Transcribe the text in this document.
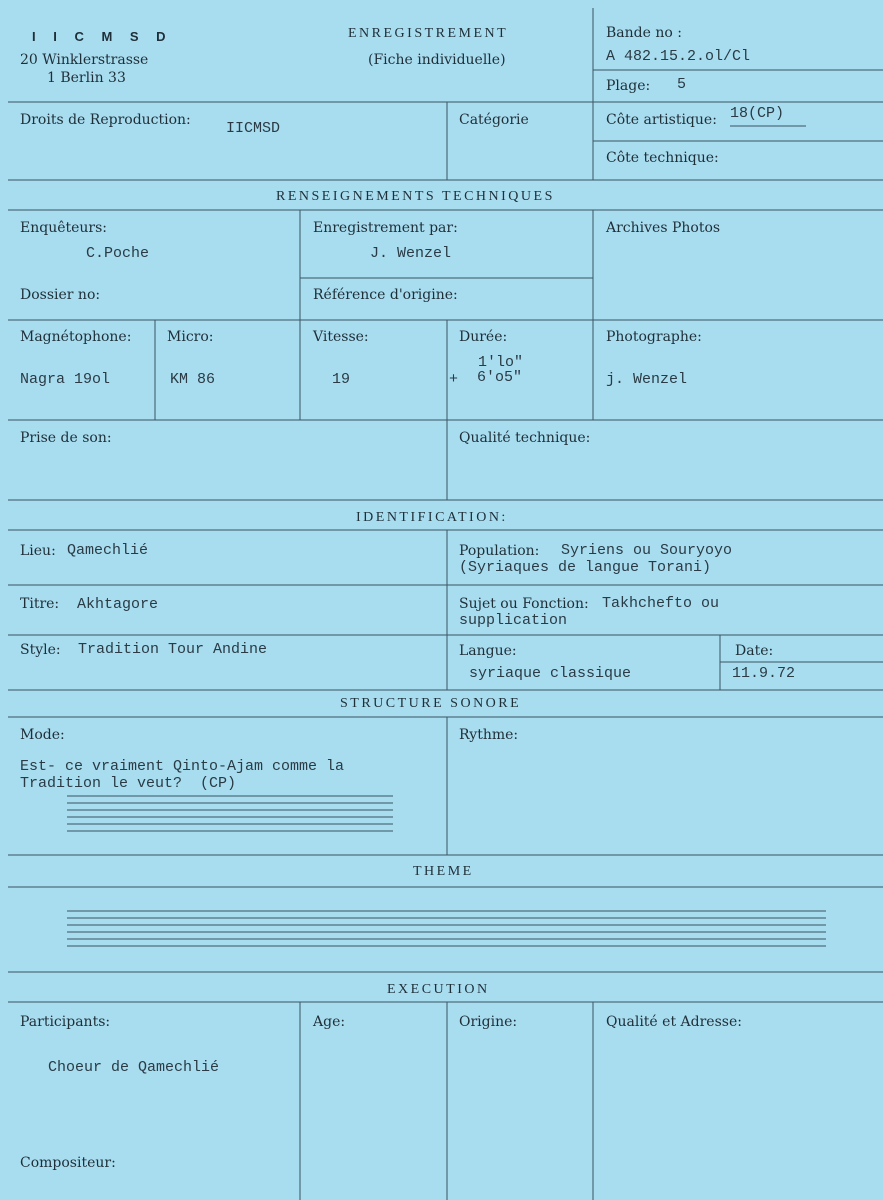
I I C M S D
20 Winklerstrasse
1 Berlin 33
ENREGISTREMENT
(Fiche individuelle)
Bande no :
A 482.15.2.ol/Cl
Plage: 5
Droits de Reproduction: IICMSD	Catégorie	Côte artistique: 18(CP)
Côte technique:
RENSEIGNEMENTS TECHNIQUES
Enquêteurs:
C.Poche
Enregistrement par:
J. Wenzel
Archives Photos
Dossier no:	Référence d'origine:
Magnétophone:
Nagra 19ol
Micro:
KM 86
Vitesse:
19
Durée:
1'lo"
+ 6'o5"
Photographe:
j. Wenzel
Prise de son:	Qualité technique:
IDENTIFICATION:
Lieu: Qamechlié	Population: Syriens ou Souryoyo
(Syriaques de langue Torani)
Titre: Akhtagore	Sujet ou Fonction: Takhchefto ou
supplication
Style: Tradition Tour Andine	Langue:
syriaque classique
Date:
11.9.72
STRUCTURE SONORE
Mode:
Est- ce vraiment Qinto-Ajam comme la
Tradition le veut?  (CP)
Rythme:
THEME
EXECUTION
Participants:
Choeur de Qamechlié
Age:	Origine:	Qualité et Adresse:
Compositeur:
